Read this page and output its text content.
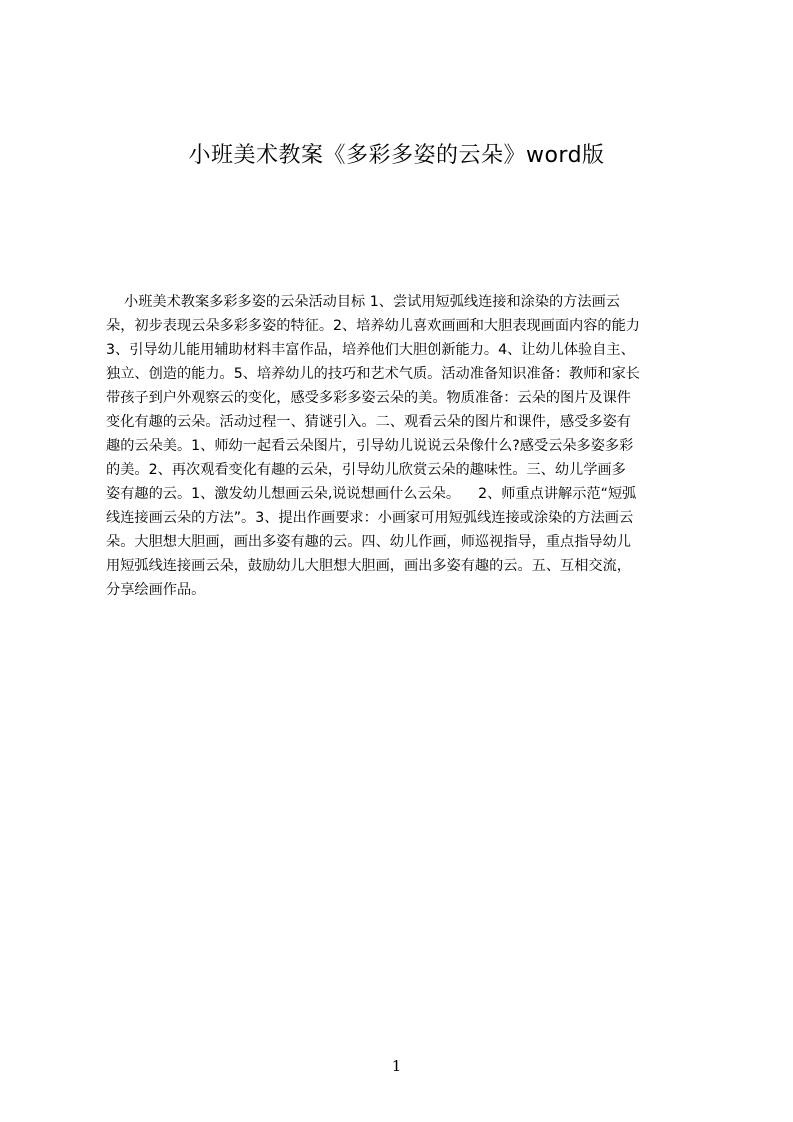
小班美术教案《多彩多姿的云朵》word版
小班美术教案多彩多姿的云朵活动目标 1、尝试用短弧线连接和涂染的方法画云
朵，初步表现云朵多彩多姿的特征。2、培养幼儿喜欢画画和大胆表现画面内容的能力
3、引导幼儿能用辅助材料丰富作品，培养他们大胆创新能力。4、让幼儿体验自主、
独立、创造的能力。5、培养幼儿的技巧和艺术气质。活动准备知识准备：教师和家长
带孩子到户外观察云的变化，感受多彩多姿云朵的美。物质准备：云朵的图片及课件
变化有趣的云朵。活动过程一、猜谜引入。二、观看云朵的图片和课件，感受多姿有
趣的云朵美。1、师幼一起看云朵图片，引导幼儿说说云朵像什么?感受云朵多姿多彩
的美。2、再次观看变化有趣的云朵，引导幼儿欣赏云朵的趣味性。三、幼儿学画多
姿有趣的云。1、激发幼儿想画云朵,说说想画什么云朵。    2、师重点讲解示范“短弧
线连接画云朵的方法”。3、提出作画要求：小画家可用短弧线连接或涂染的方法画云
朵。大胆想大胆画，画出多姿有趣的云。四、幼儿作画，师巡视指导，重点指导幼儿
用短弧线连接画云朵，鼓励幼儿大胆想大胆画，画出多姿有趣的云。五、互相交流，
分享绘画作品。
1
